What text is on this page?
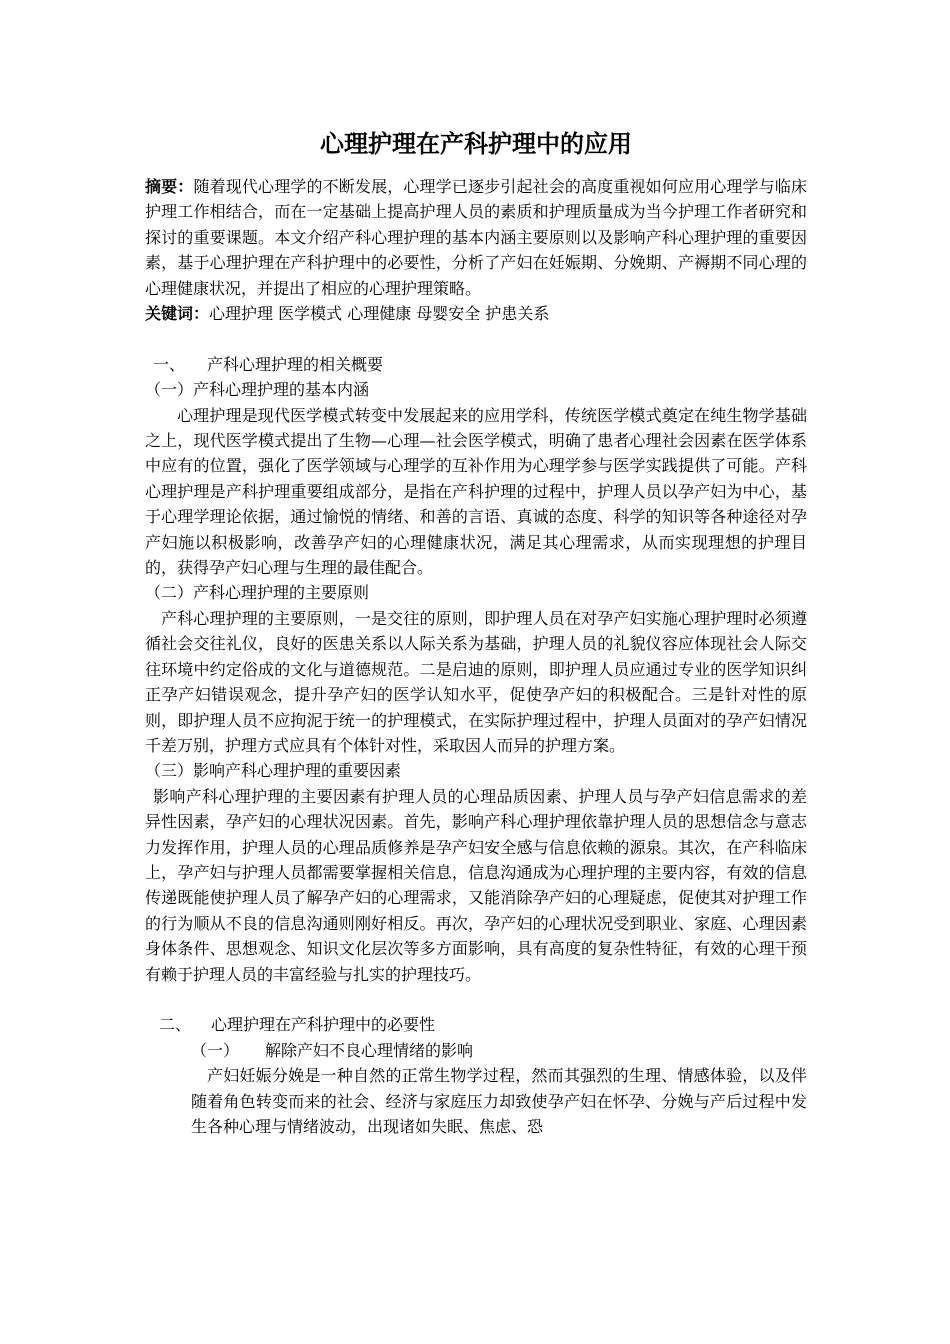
心理护理在产科护理中的应用

摘要：随着现代心理学的不断发展，心理学已逐步引起社会的高度重视如何应用心理学与临床护理工作相结合，而在一定基础上提高护理人员的素质和护理质量成为当今护理工作者研究和探讨的重要课题。本文介绍产科心理护理的基本内涵主要原则以及影响产科心理护理的重要因素，基于心理护理在产科护理中的必要性，分析了产妇在妊娠期、分娩期、产褥期不同心理的心理健康状况，并提出了相应的心理护理策略。

关键词：心理护理 医学模式 心理健康 母婴安全 护患关系

一、 产科心理护理的相关概要

（一）产科心理护理的基本内涵

心理护理是现代医学模式转变中发展起来的应用学科，传统医学模式奠定在纯生物学基础之上，现代医学模式提出了生物—心理—社会医学模式，明确了患者心理社会因素在医学体系中应有的位置，强化了医学领域与心理学的互补作用为心理学参与医学实践提供了可能。产科心理护理是产科护理重要组成部分，是指在产科护理的过程中，护理人员以孕产妇为中心，基于心理学理论依据，通过愉悦的情绪、和善的言语、真诚的态度、科学的知识等各种途径对孕产妇施以积极影响，改善孕产妇的心理健康状况，满足其心理需求，从而实现理想的护理目的，获得孕产妇心理与生理的最佳配合。

（二）产科心理护理的主要原则

产科心理护理的主要原则，一是交往的原则，即护理人员在对孕产妇实施心理护理时必须遵循社会交往礼仪，良好的医患关系以人际关系为基础，护理人员的礼貌仪容应体现社会人际交往环境中约定俗成的文化与道德规范。二是启迪的原则，即护理人员应通过专业的医学知识纠正孕产妇错误观念，提升孕产妇的医学认知水平，促使孕产妇的积极配合。三是针对性的原则，即护理人员不应拘泥于统一的护理模式，在实际护理过程中，护理人员面对的孕产妇情况千差万别，护理方式应具有个体针对性，采取因人而异的护理方案。

（三）影响产科心理护理的重要因素

影响产科心理护理的主要因素有护理人员的心理品质因素、护理人员与孕产妇信息需求的差异性因素，孕产妇的心理状况因素。首先，影响产科心理护理依靠护理人员的思想信念与意志力发挥作用，护理人员的心理品质修养是孕产妇安全感与信息依赖的源泉。其次，在产科临床上，孕产妇与护理人员都需要掌握相关信息，信息沟通成为心理护理的主要内容，有效的信息传递既能使护理人员了解孕产妇的心理需求，又能消除孕产妇的心理疑虑，促使其对护理工作的行为顺从不良的信息沟通则刚好相反。再次，孕产妇的心理状况受到职业、家庭、心理因素身体条件、思想观念、知识文化层次等多方面影响，具有高度的复杂性特征，有效的心理干预有赖于护理人员的丰富经验与扎实的护理技巧。

二、 心理护理在产科护理中的必要性

（一） 解除产妇不良心理情绪的影响

产妇妊娠分娩是一种自然的正常生物学过程，然而其强烈的生理、情感体验，以及伴随着角色转变而来的社会、经济与家庭压力却致使孕产妇在怀孕、分娩与产后过程中发生各种心理与情绪波动，出现诸如失眠、焦虑、恐
